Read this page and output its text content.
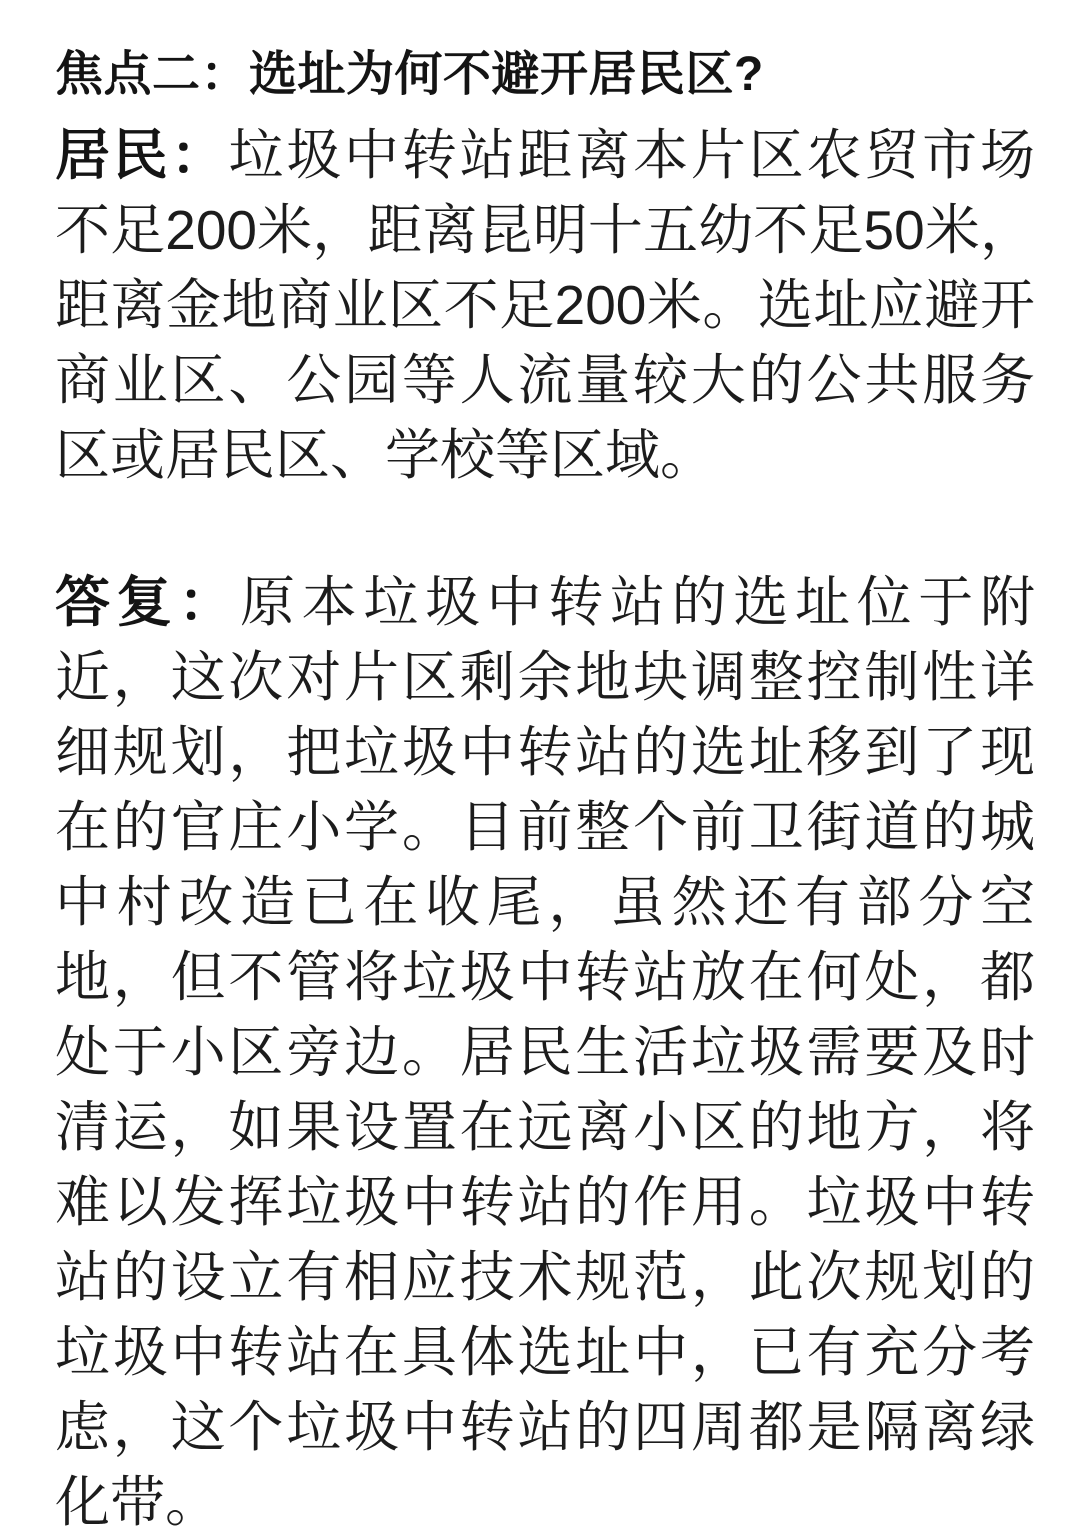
焦点二：选址为何不避开居民区?

居民：垃圾中转站距离本片区农贸市场不足200米，距离昆明十五幼不足50米，距离金地商业区不足200米。选址应避开商业区、公园等人流量较大的公共服务区或居民区、学校等区域。

答复：原本垃圾中转站的选址位于附近，这次对片区剩余地块调整控制性详细规划，把垃圾中转站的选址移到了现在的官庄小学。目前整个前卫街道的城中村改造已在收尾，虽然还有部分空地，但不管将垃圾中转站放在何处，都处于小区旁边。居民生活垃圾需要及时清运，如果设置在远离小区的地方，将难以发挥垃圾中转站的作用。垃圾中转站的设立有相应技术规范，此次规划的垃圾中转站在具体选址中，已有充分考虑，这个垃圾中转站的四周都是隔离绿化带。
